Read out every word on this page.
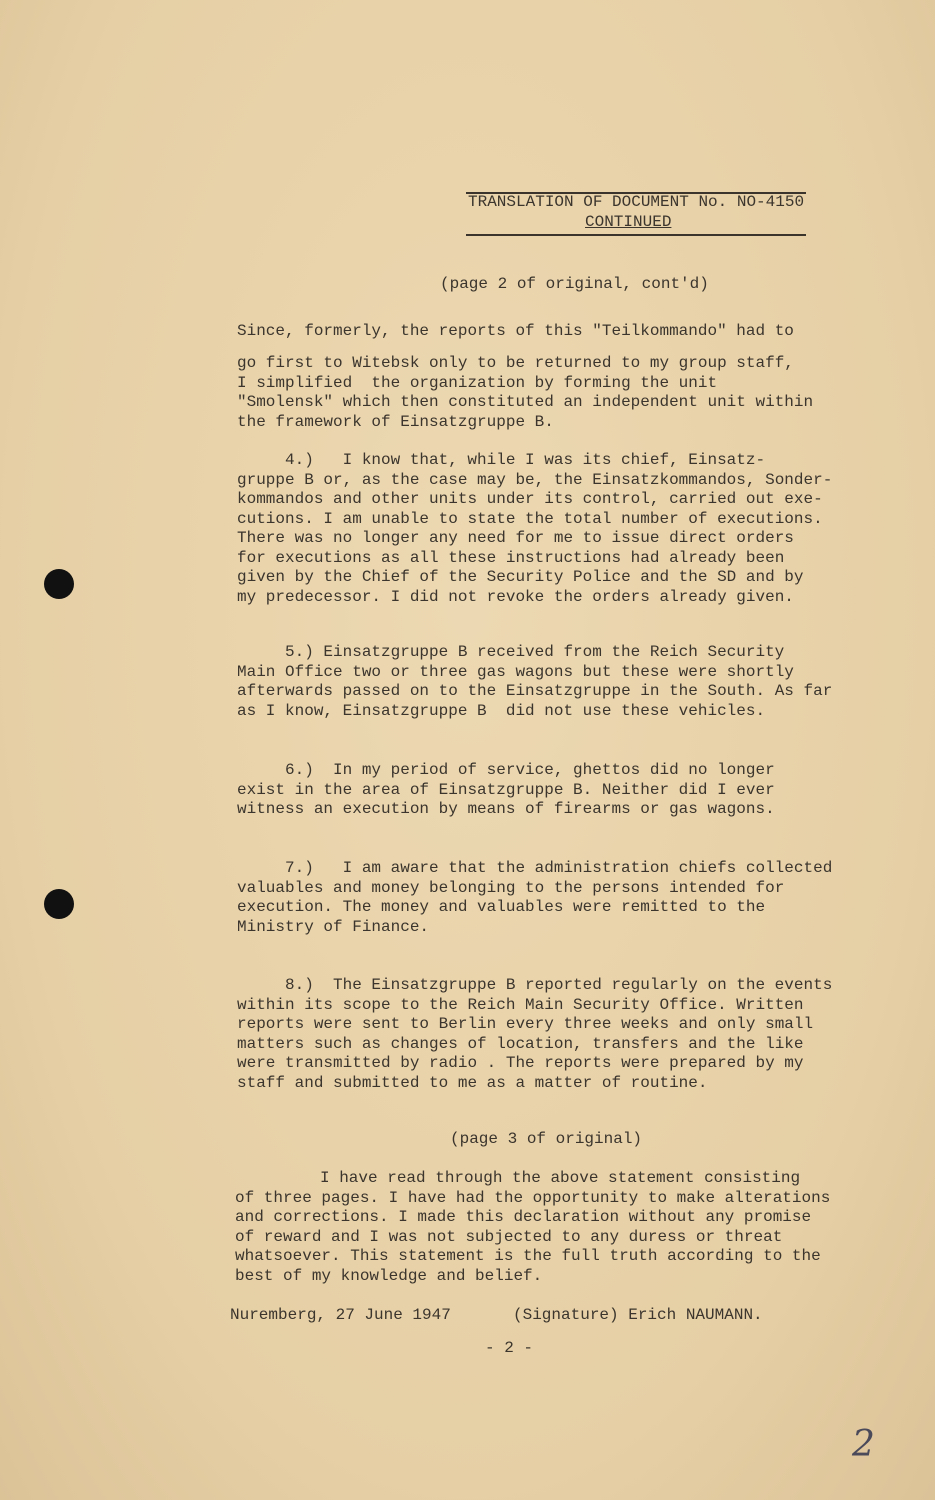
TRANSLATION OF DOCUMENT No. NO-4150
CONTINUED
(page 2 of original, cont'd)
Since, formerly, the reports of this "Teilkommando" had to
go first to Witebsk only to be returned to my group staff,
I simplified  the organization by forming the unit
"Smolensk" which then constituted an independent unit within
the framework of Einsatzgruppe B.
4.)   I know that, while I was its chief, Einsatz-
gruppe B or, as the case may be, the Einsatzkommandos, Sonder-
kommandos and other units under its control, carried out exe-
cutions. I am unable to state the total number of executions.
There was no longer any need for me to issue direct orders
for executions as all these instructions had already been
given by the Chief of the Security Police and the SD and by
my predecessor. I did not revoke the orders already given.
5.) Einsatzgruppe B received from the Reich Security
Main Office two or three gas wagons but these were shortly
afterwards passed on to the Einsatzgruppe in the South. As far
as I know, Einsatzgruppe B  did not use these vehicles.
6.)  In my period of service, ghettos did no longer
exist in the area of Einsatzgruppe B. Neither did I ever
witness an execution by means of firearms or gas wagons.
7.)   I am aware that the administration chiefs collected
valuables and money belonging to the persons intended for
execution. The money and valuables were remitted to the
Ministry of Finance.
8.)  The Einsatzgruppe B reported regularly on the events
within its scope to the Reich Main Security Office. Written
reports were sent to Berlin every three weeks and only small
matters such as changes of location, transfers and the like
were transmitted by radio . The reports were prepared by my
staff and submitted to me as a matter of routine.
(page 3 of original)
I have read through the above statement consisting
of three pages. I have had the opportunity to make alterations
and corrections. I made this declaration without any promise
of reward and I was not subjected to any duress or threat
whatsoever. This statement is the full truth according to the
best of my knowledge and belief.
Nuremberg, 27 June 1947	(Signature) Erich NAUMANN.
- 2 -
2
